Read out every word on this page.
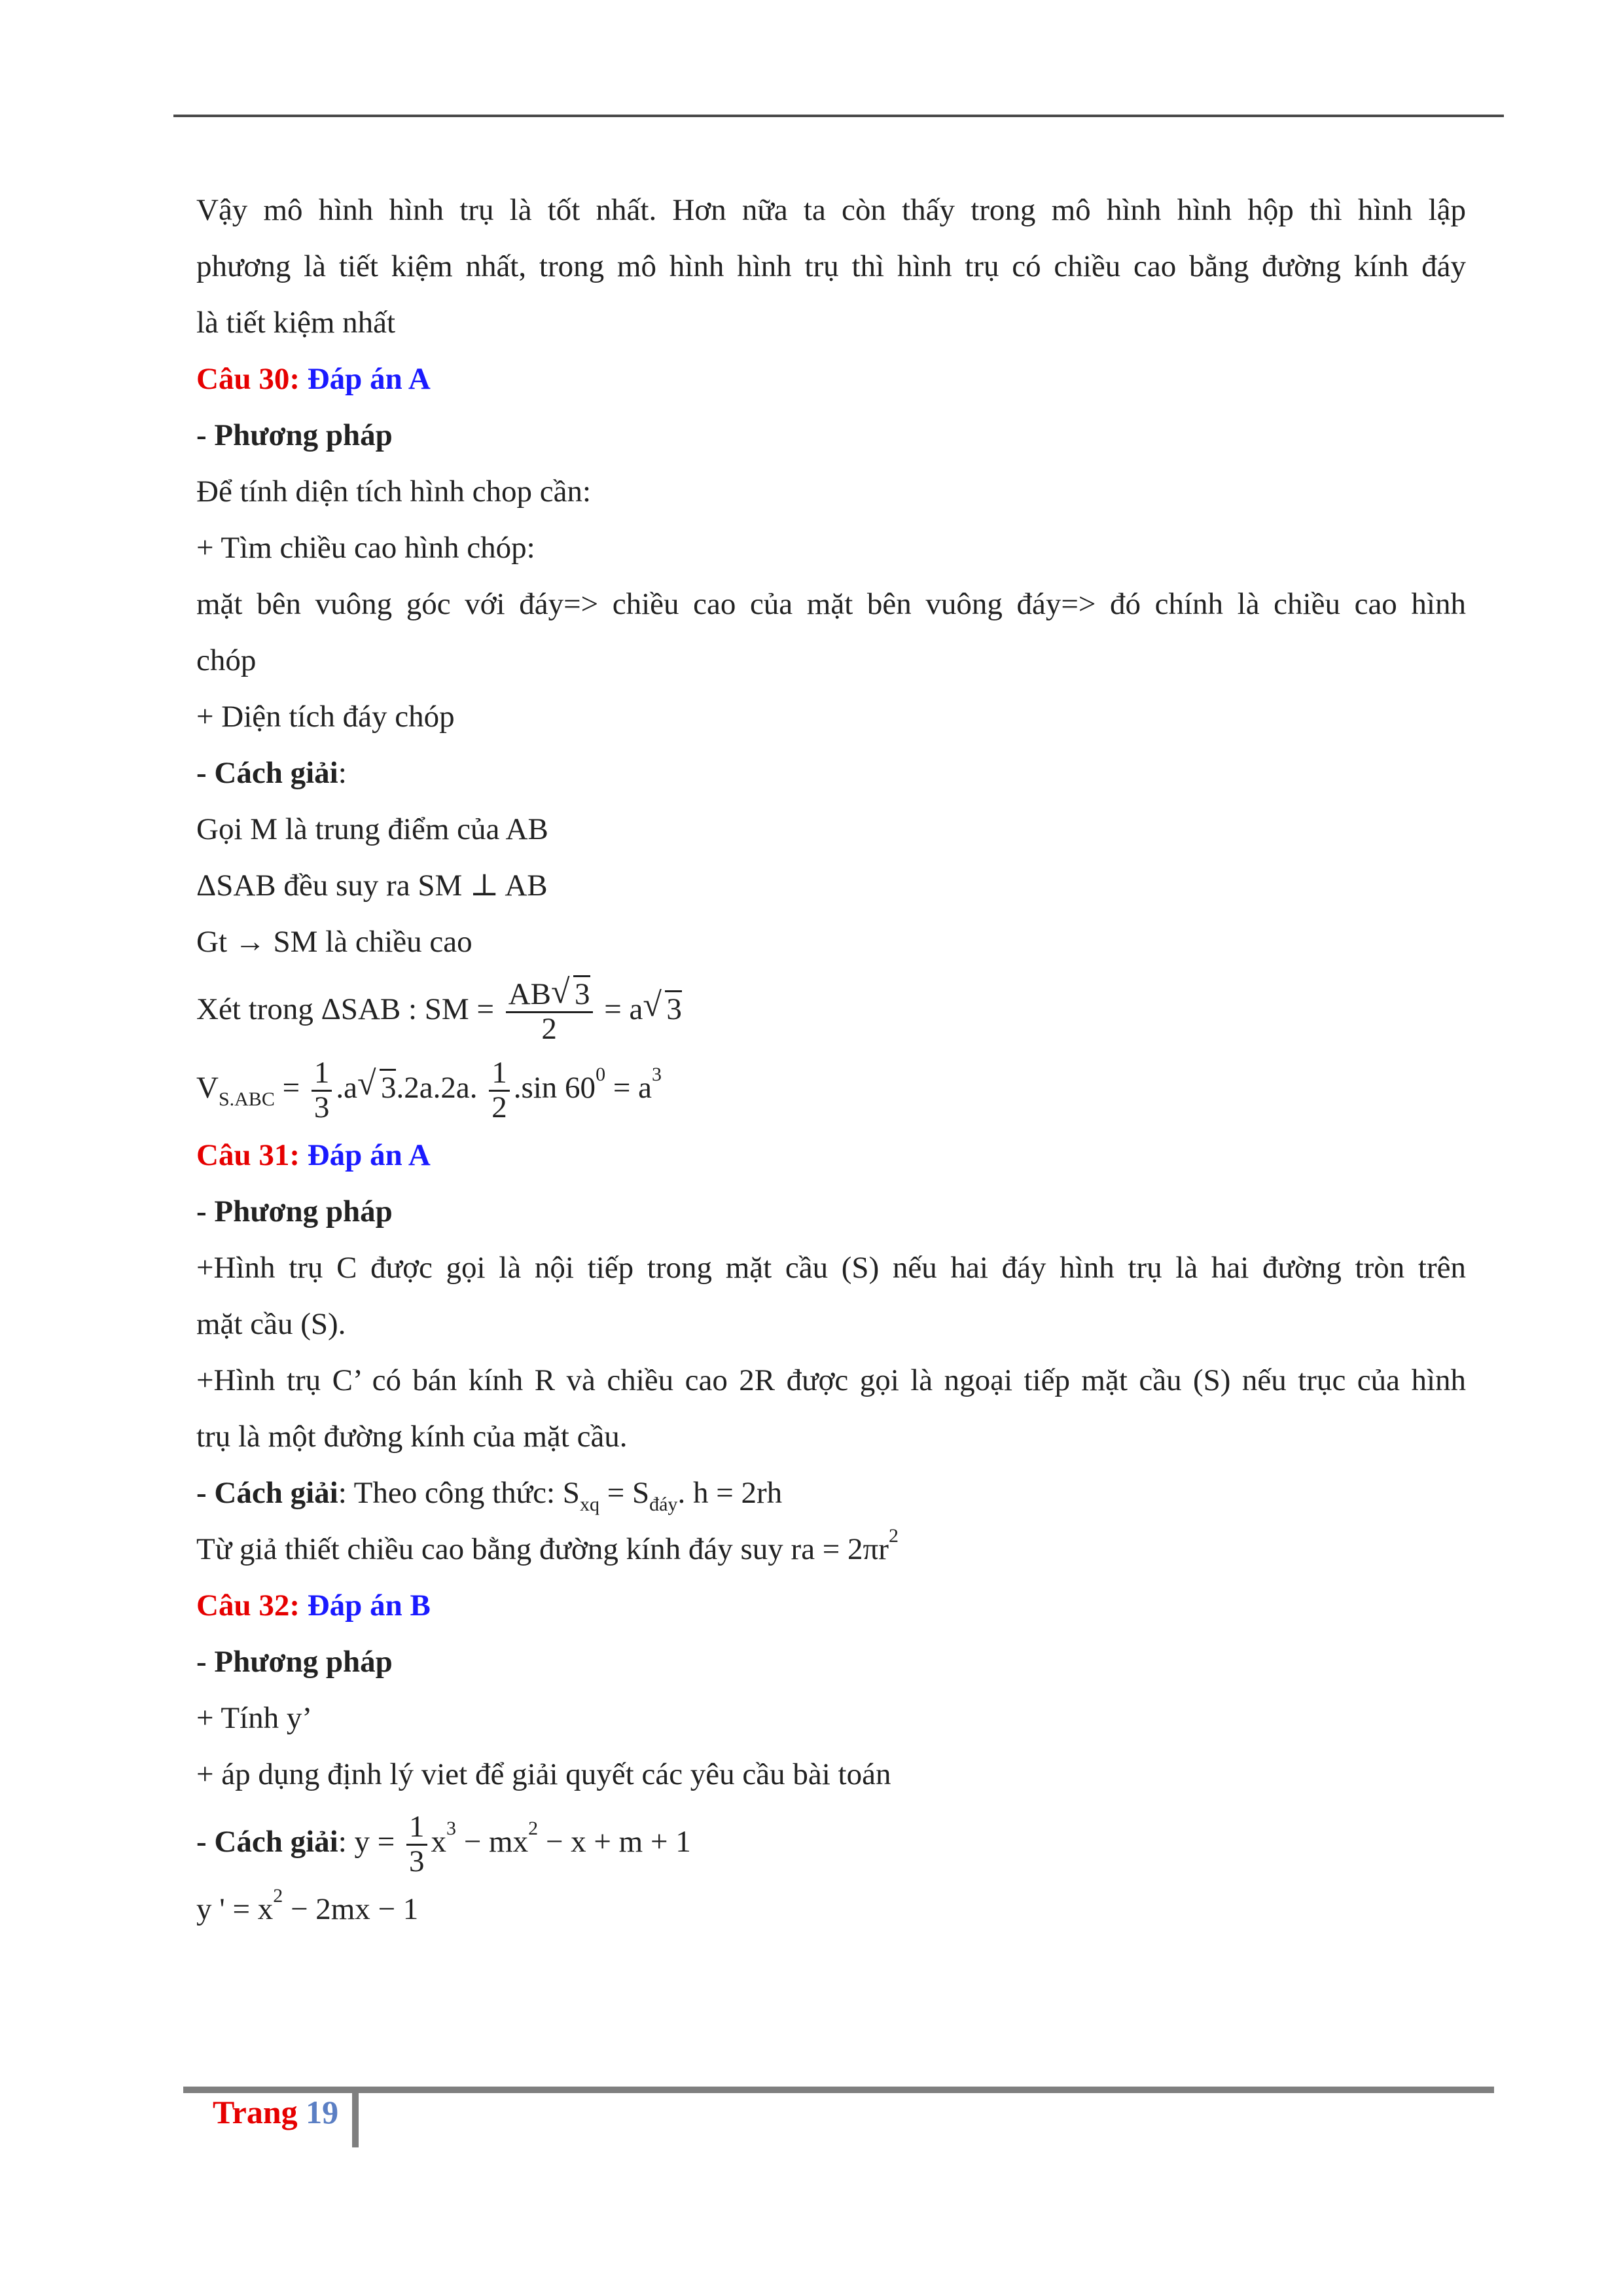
Vậy mô hình hình trụ là tốt nhất. Hơn nữa ta còn thấy trong mô hình hình hộp thì hình lập
phương là tiết kiệm nhất, trong mô hình hình trụ thì hình trụ có chiều cao bằng đường kính đáy
là tiết kiệm nhất
Câu 30: Đáp án A
- Phương pháp
Để tính diện tích hình chop cần:
+ Tìm chiều cao hình chóp:
mặt bên vuông góc với đáy=> chiều cao của mặt bên vuông đáy=> đó chính là chiều cao hình
chóp
+ Diện tích đáy chóp
- Cách giải:
Gọi M là trung điểm của AB
ΔSAB đều suy ra SM ⊥ AB
Gt → SM là chiều cao
Xét trong ΔSAB : SM = $\frac{AB √ 3}{2} = a$ √ 3
$V_{S.ABC} = \frac{1}{3} .a$ √ 3.2a.2a. $\frac{1}{2} .\sin$ $60^0 = a^3$
Câu 31: Đáp án A
- Phương pháp
+Hình trụ C được gọi là nội tiếp trong mặt cầu (S) nếu hai đáy hình trụ là hai đường tròn trên
mặt cầu (S).
+Hình trụ C’ có bán kính R và chiều cao 2R được gọi là ngoại tiếp mặt cầu (S) nếu trục của hình
trụ là một đường kính của mặt cầu.
- Cách giải: Theo công thức: $S_{xq} = S_{đáy}$. h = 2rh
Từ giả thiết chiều cao bằng đường kính đáy suy ra = $2\pi r^2$
Câu 32: Đáp án B
- Phương pháp
+ Tính y’
+ áp dụng định lý viet để giải quyết các yêu cầu bài toán
- Cách giải: $y = \frac{1}{3} x^3 - mx^2 - x + m + 1$
y ' = $x^2 - 2mx - 1$
Trang 19
